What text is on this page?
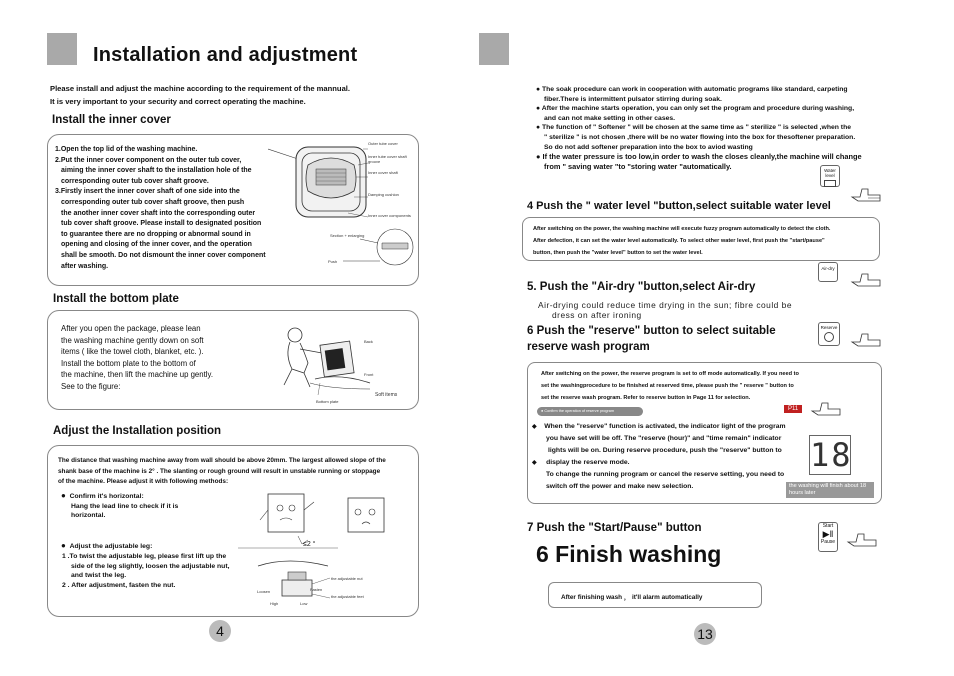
Installation and adjustment
Please install and adjust the machine according to the requirement of the mannual.
It is very important to your security and correct operating the machine.
Install the inner cover
1.Open the top lid of the washing machine.
2.Put the inner cover component on the outer tub cover,
aiming the inner cover shaft to the installation hole of the
corresponding outer tub cover shaft groove.
3.Firstly insert the inner cover shaft of one side into the
corresponding outer tub cover shaft groove, then push
the another inner cover shaft into the corresponding outer
tub cover shaft groove. Please install to designated position
to guarantee there are no dropping or abnormal sound in
opening and closing of the inner cover, and the operation
shall be smooth. Do not dismount the inner cover component
after washing.
Outer tube cover
Inner tube cover shaft groove
Inner cover shaft
Damping cushion
Inner cover components
Section + enlarging
Push
Install the bottom plate
After you open the package, please lean
the washing machine gently down on soft
items ( like the towel cloth, blanket, etc. ).
Install the bottom plate to the bottom of
the machine, then lift the machine up gently.
See to the figure:
Back
Front
Soft items
Bottom plate
Adjust the Installation position
The distance that washing machine away from wall should be above 20mm. The largest allowed slope of the
shank base of the machine is 2° . The slanting or rough ground will result in unstable running or stoppage
of the machine. Please adjust it with following methods:
● Confirm it's horizontal:
Hang the lead line to check if it is
horizontal.
● Adjust the adjustable leg:
1 .To twist the adjustable leg, please first lift up the
side of the leg slightly, loosen the adjustable nut,
and twist the leg.
2 . After adjustment, fasten the nut.
≤2 °
the adjustable nut
the adjustable feet
Loosen	Fasten
High	Low
4
● The soak procedure can work in cooperation with automatic programs like standard, carpeting
fiber.There is intermittent pulsator stirring during soak.
● After the machine starts operation, you can only set the program and procedure during washing,
and can not make setting in other cases.
● The function of " Softener " will be chosen at the same time as " sterilize " is selected ,when the
" sterilize " is not chosen ,there will be no water flowing into the box for thesoftener preparation.
So do not add softener preparation into the box to aviod wasting
● If the water pressure is too low,in order to wash the closes cleanly,the machine will change
from " saving water "to "storing water "automatically.	Water level
4 Push the " water level "button,select suitable water level
After switching on the power, the washing machine will execute fuzzy program automatically to detect the cloth.
After defection, it can set the water level automatically. To select other water level, first push the "start/pause"
button, then push the "water level" button to set the water level.
Air-dry
5. Push the "Air-dry "button,select Air-dry
Air-drying could reduce time drying in the sun; fibre could be
dress on after ironing
6 Push the "reserve" button to select suitable
reserve wash program
Reserve
After switching on the power, the reserve program is set to off mode automatically. If you need to
set the washingprocedure to be finished at reserved time, please push the " reserve " button to
set the reserve wash program. Refer to reserve button in Page 11 for selection.
● Confirm the operation of reserve program	P11
◆ When the "reserve" function is activated, the indicator light of the program
you have set will be off. The "reserve (hour)" and "time remain" indicator
lights will be on. During reserve procedure, push the "reserve" button to
◆ display the reserve mode.
To change the running program or cancel the reserve setting, you need to
switch off the power and make new selection.
18
the washing will finish about 18 hours later
7 Push the "Start/Pause" button	Start
▶‖
Pause
6 Finish washing
After finishing wash ， it'll alarm automatically
13
